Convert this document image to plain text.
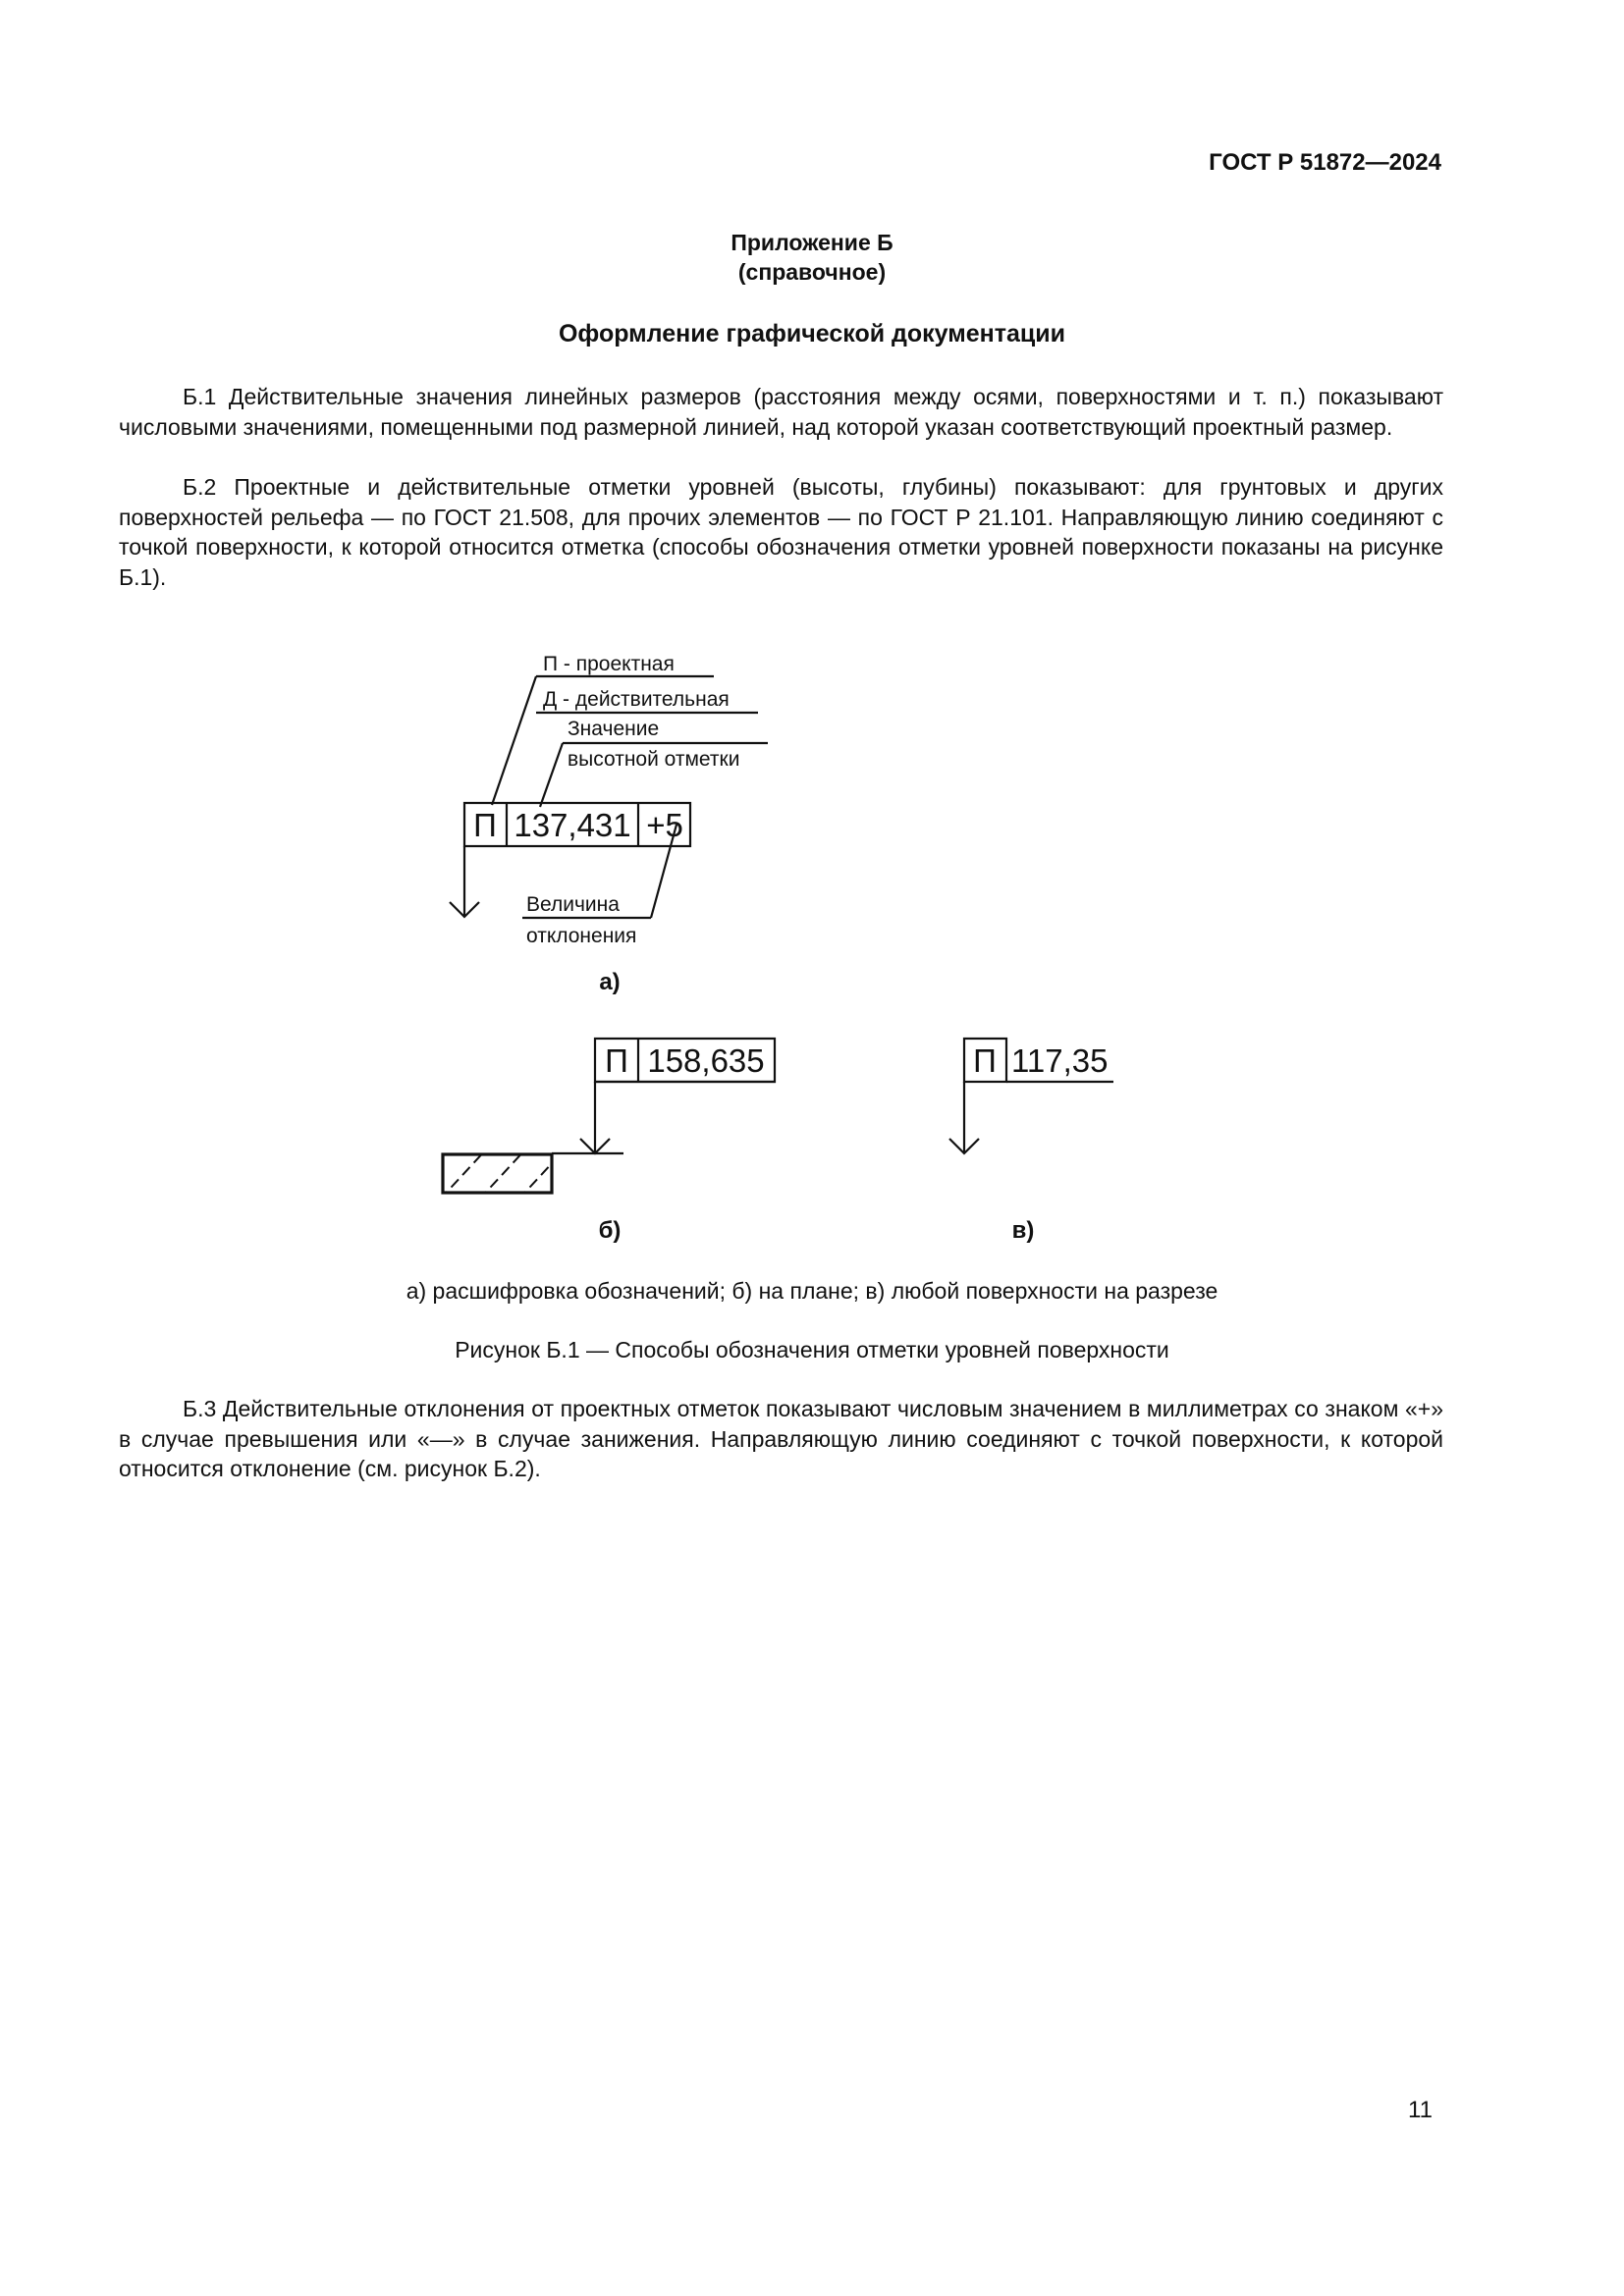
ГОСТ Р 51872—2024
Приложение Б
(справочное)
Оформление графической документации

Б.1 Действительные значения линейных размеров (расстояния между осями, поверхностями и т. п.) показывают числовыми значениями, помещенными под размерной линией, над которой указан соответствующий проектный размер.

Б.2 Проектные и действительные отметки уровней (высоты, глубины) показывают: для грунтовых и других поверхностей рельефа — по ГОСТ 21.508, для прочих элементов — по ГОСТ Р 21.101. Направляющую линию соединяют с точкой поверхности, к которой относится отметка (способы обозначения отметки уровней поверхности показаны на рисунке Б.1).

П - проектная
Д - действительная
Значение
высотной отметки
П 137,431 +5
Величина
отклонения
а)
П 158,635
б)
П 117,35
в)
а) расшифровка обозначений; б) на плане; в) любой поверхности на разрезе
Рисунок Б.1 — Способы обозначения отметки уровней поверхности

Б.3 Действительные отклонения от проектных отметок показывают числовым значением в миллиметрах со знаком «+» в случае превышения или «—» в случае занижения. Направляющую линию соединяют с точкой поверхности, к которой относится отклонение (см. рисунок Б.2).

11
